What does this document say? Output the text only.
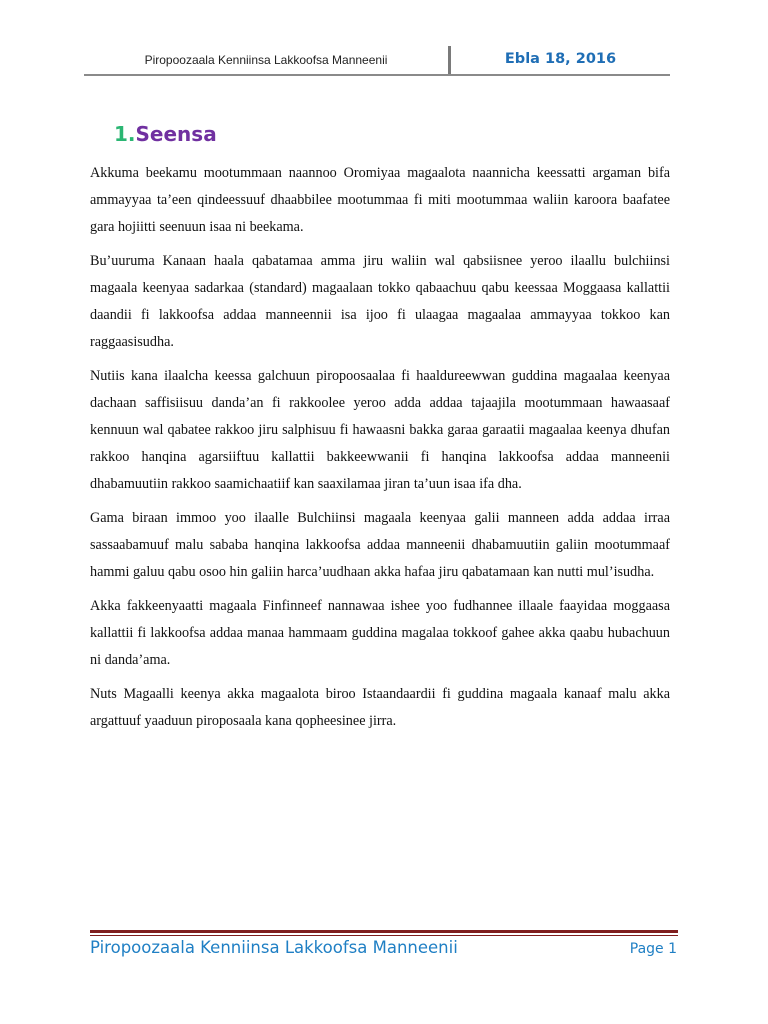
Piropoozaala Kenniinsa Lakkoofsa Manneenii	Ebla 18, 2016
1.Seensa

Akkuma beekamu mootummaan naannoo Oromiyaa magaalota naannicha keessatti argaman bifa ammayyaa ta’een qindeessuuf dhaabbilee mootummaa fi miti mootummaa waliin karoora baafatee gara hojiitti seenuun isaa ni beekama.

Bu’uuruma Kanaan haala qabatamaa amma jiru waliin wal qabsiisnee yeroo ilaallu bulchiinsi magaala keenyaa sadarkaa (standard) magaalaan tokko qabaachuu qabu keessaa Moggaasa kallattii daandii fi lakkoofsa addaa manneennii isa ijoo fi ulaagaa magaalaa ammayyaa tokkoo kan raggaasisudha.

Nutiis kana ilaalcha keessa galchuun piropoosaalaa fi haaldureewwan guddina magaalaa keenyaa dachaan saffisiisuu danda’an fi rakkoolee yeroo adda addaa tajaajila mootummaan hawaasaaf kennuun wal qabatee rakkoo jiru salphisuu fi hawaasni bakka garaa garaatii magaalaa keenya dhufan rakkoo hanqina agarsiiftuu kallattii bakkeewwanii fi hanqina lakkoofsa addaa manneenii dhabamuutiin rakkoo saamichaatiif kan saaxilamaa jiran ta’uun isaa ifa dha.

Gama biraan immoo yoo ilaalle Bulchiinsi magaala keenyaa galii manneen adda addaa irraa sassaabamuuf malu sababa hanqina lakkoofsa addaa manneenii dhabamuutiin galiin mootummaaf hammi galuu qabu osoo hin galiin harca’uudhaan akka hafaa jiru qabatamaan kan nutti mul’isudha.

Akka fakkeenyaatti magaala Finfinneef nannawaa ishee yoo fudhannee illaale faayidaa moggaasa kallattii fi lakkoofsa addaa manaa hammaam guddina magalaa tokkoof gahee akka qaabu hubachuun ni danda’ama.

Nuts Magaalli keenya akka magaalota biroo Istaandaardii fi guddina magaala kanaaf malu akka argattuuf yaaduun piroposaala kana qopheesinee jirra.

Piropoozaala Kenniinsa Lakkoofsa Manneenii	Page 1
